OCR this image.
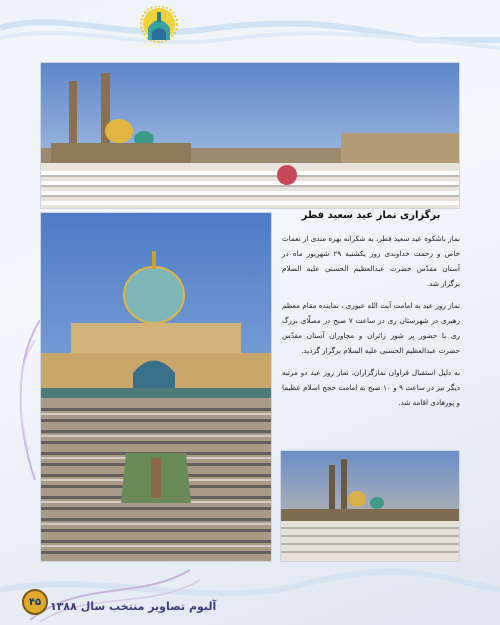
برگزاری نماز عید سعید فطر

نماز باشکوه عید سعید فطر، به شکرانه بهره مندی از نعمات خاص و رحمت خداوندی روز یکشنبه ۲۹ شهریور ماه در آستان مقدّس حضرت عبدالعظیم الحسنی علیه السلام برگزار شد.

نماز روز عید به امامت آیت الله عبوری ، نماینده مقام معظم رهبری در شهرستان ری در ساعت ۷ صبح در مصلّای بزرگ ری با حضور پر شور زائران و مجاوران آستان مقدّس حضرت عبدالعظیم الحسنی علیه السلام برگزار گردید.

به دلیل استقبال فراوان نمازگزاران، نماز روز عید دو مرتبه دیگر نیز در ساعت ۹ و ۱۰ صبح به امامت حجج اسلام عظیما و پورهادی اقامه شد.

۴۵ آلبوم تصاویر منتخب سال ۱۳۸۸
